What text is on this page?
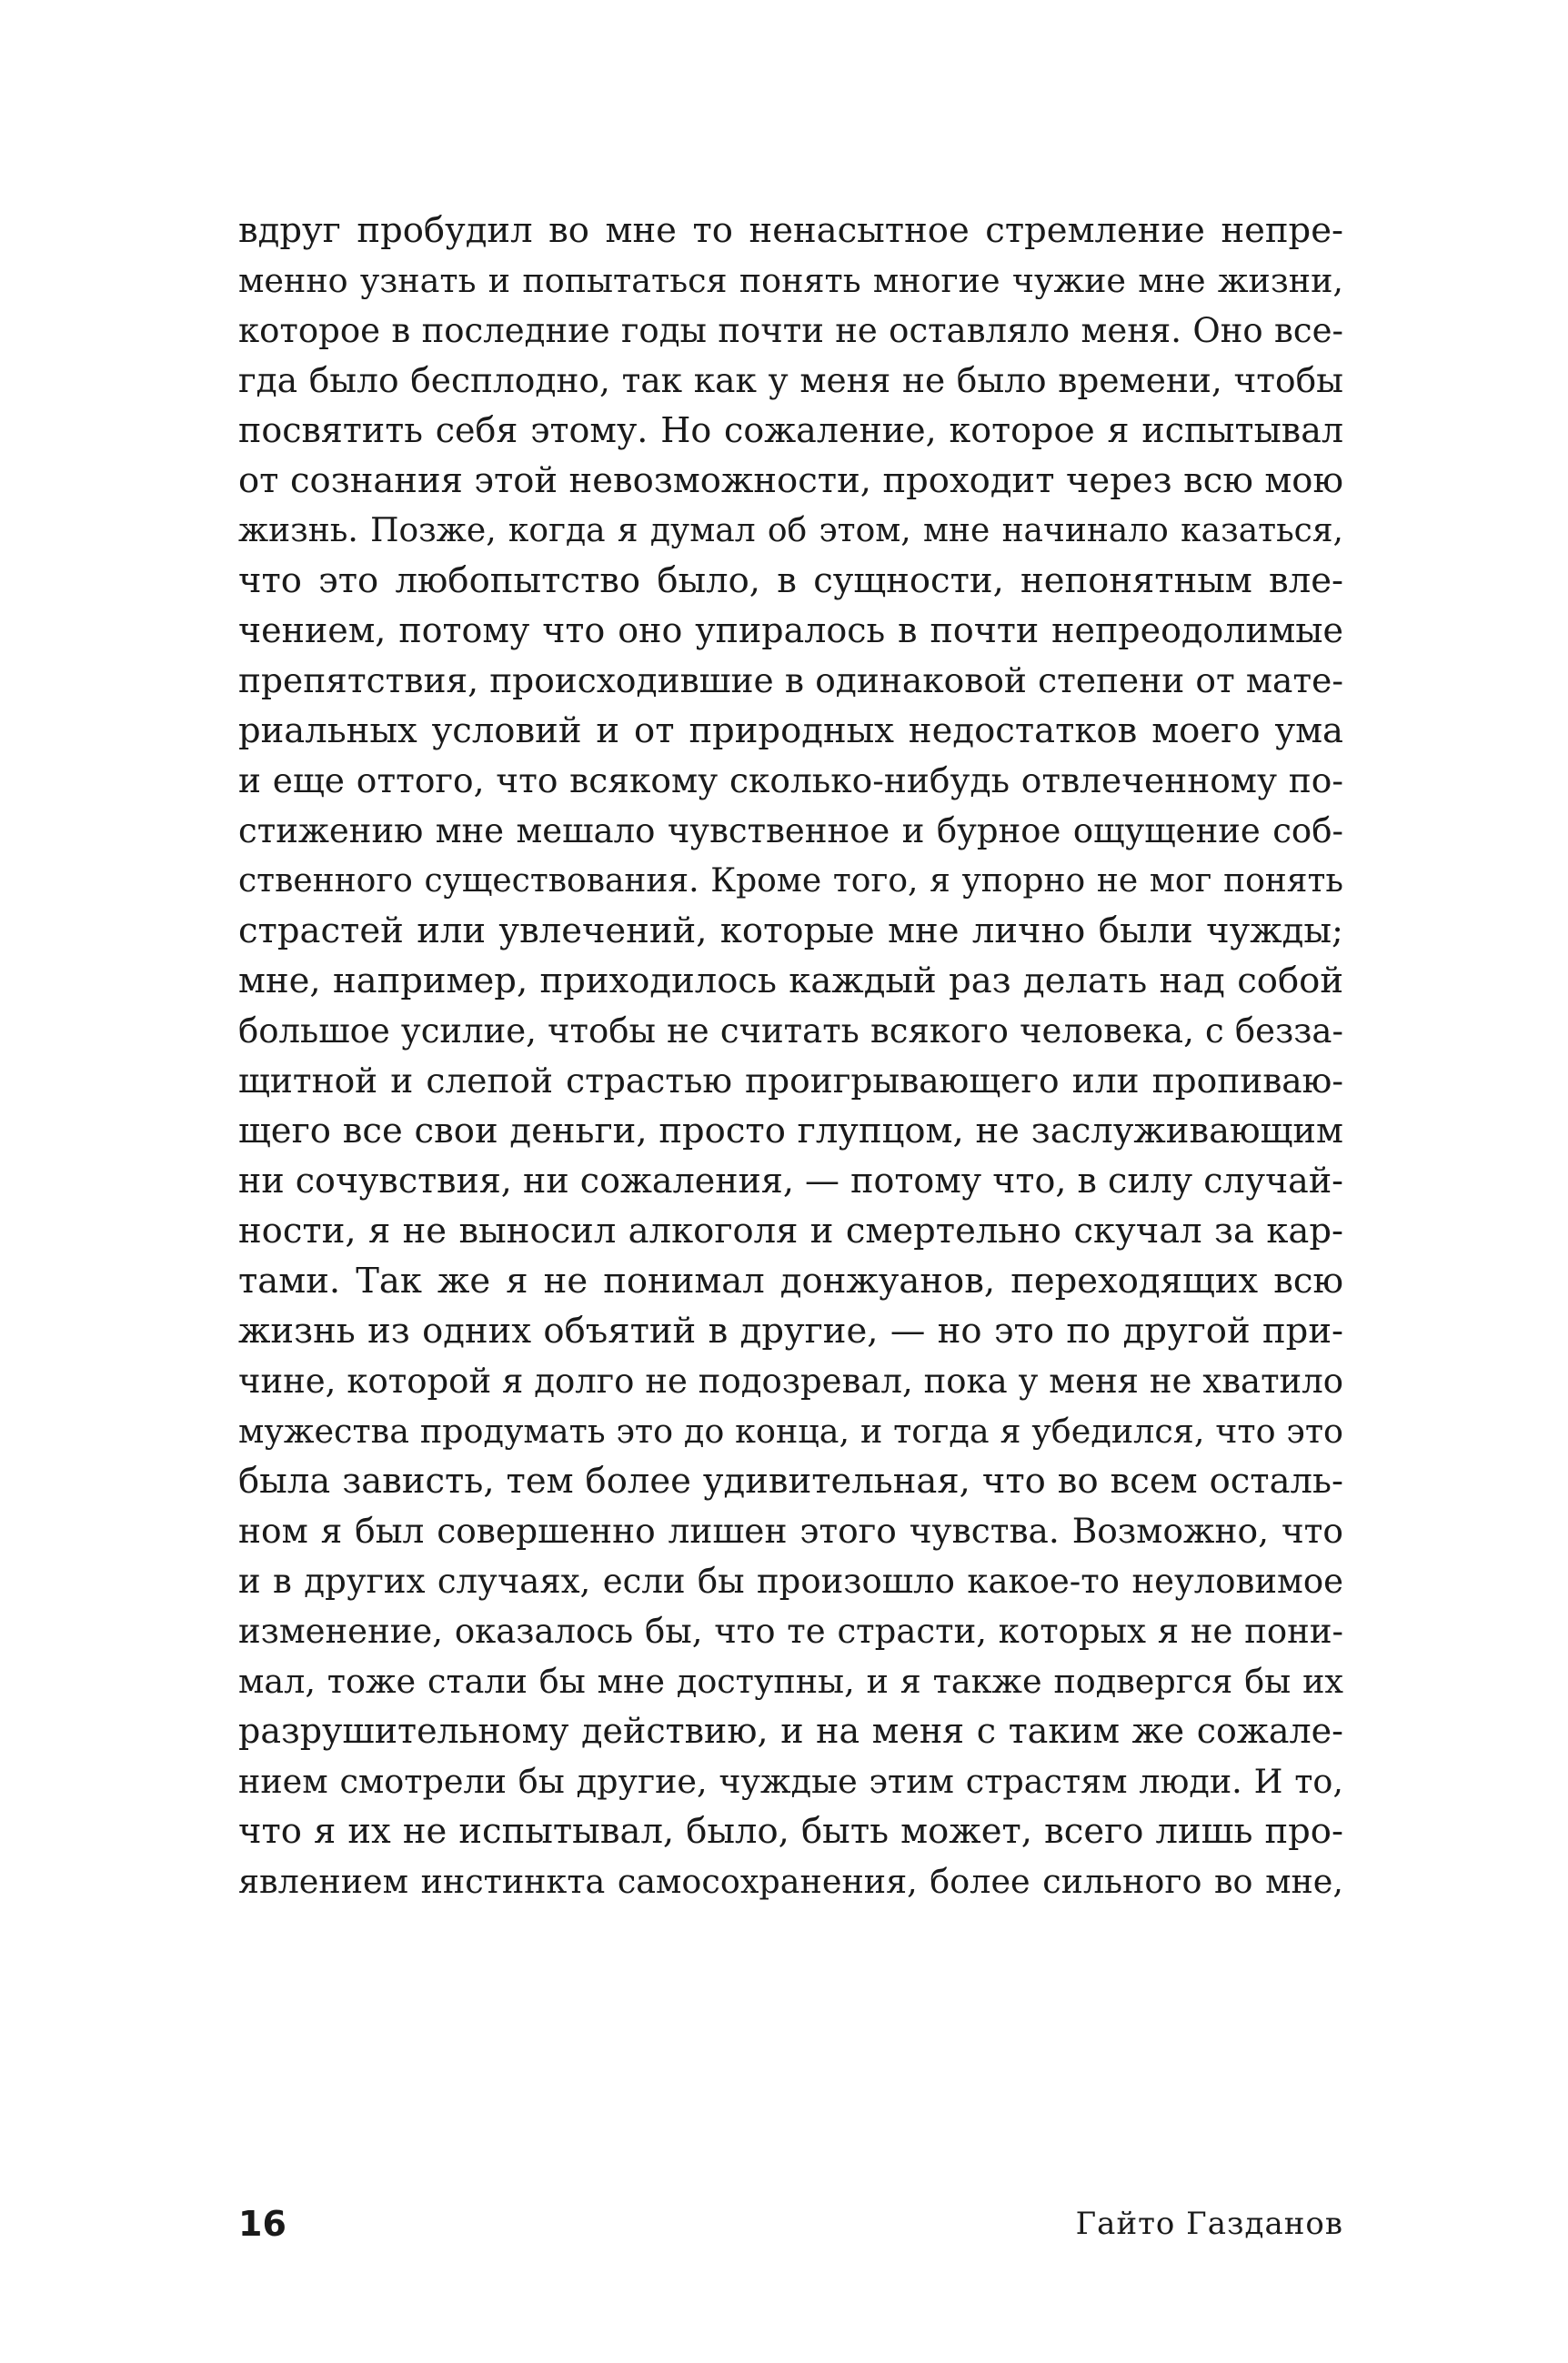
вдруг пробудил во мне то ненасытное стремление непре-
менно узнать и попытаться понять многие чужие мне жизни,
которое в последние годы почти не оставляло меня. Оно все-
гда было бесплодно, так как у меня не было времени, чтобы
посвятить себя этому. Но сожаление, которое я испытывал
от сознания этой невозможности, проходит через всю мою
жизнь. Позже, когда я думал об этом, мне начинало казаться,
что это любопытство было, в сущности, непонятным вле-
чением, потому что оно упиралось в почти непреодолимые
препятствия, происходившие в одинаковой степени от мате-
риальных условий и от природных недостатков моего ума
и еще оттого, что всякому сколько-нибудь отвлеченному по-
стижению мне мешало чувственное и бурное ощущение соб-
ственного существования. Кроме того, я упорно не мог понять
страстей или увлечений, которые мне лично были чужды;
мне, например, приходилось каждый раз делать над собой
большое усилие, чтобы не считать всякого человека, с безза-
щитной и слепой страстью проигрывающего или пропиваю-
щего все свои деньги, просто глупцом, не заслуживающим
ни сочувствия, ни сожаления, — потому что, в силу случай-
ности, я не выносил алкоголя и смертельно скучал за кар-
тами. Так же я не понимал донжуанов, переходящих всю
жизнь из одних объятий в другие, — но это по другой при-
чине, которой я долго не подозревал, пока у меня не хватило
мужества продумать это до конца, и тогда я убедился, что это
была зависть, тем более удивительная, что во всем осталь-
ном я был совершенно лишен этого чувства. Возможно, что
и в других случаях, если бы произошло какое-то неуловимое
изменение, оказалось бы, что те страсти, которых я не пони-
мал, тоже стали бы мне доступны, и я также подвергся бы их
разрушительному действию, и на меня с таким же сожале-
нием смотрели бы другие, чуждые этим страстям люди. И то,
что я их не испытывал, было, быть может, всего лишь про-
явлением инстинкта самосохранения, более сильного во мне,
16	Гайто Газданов
